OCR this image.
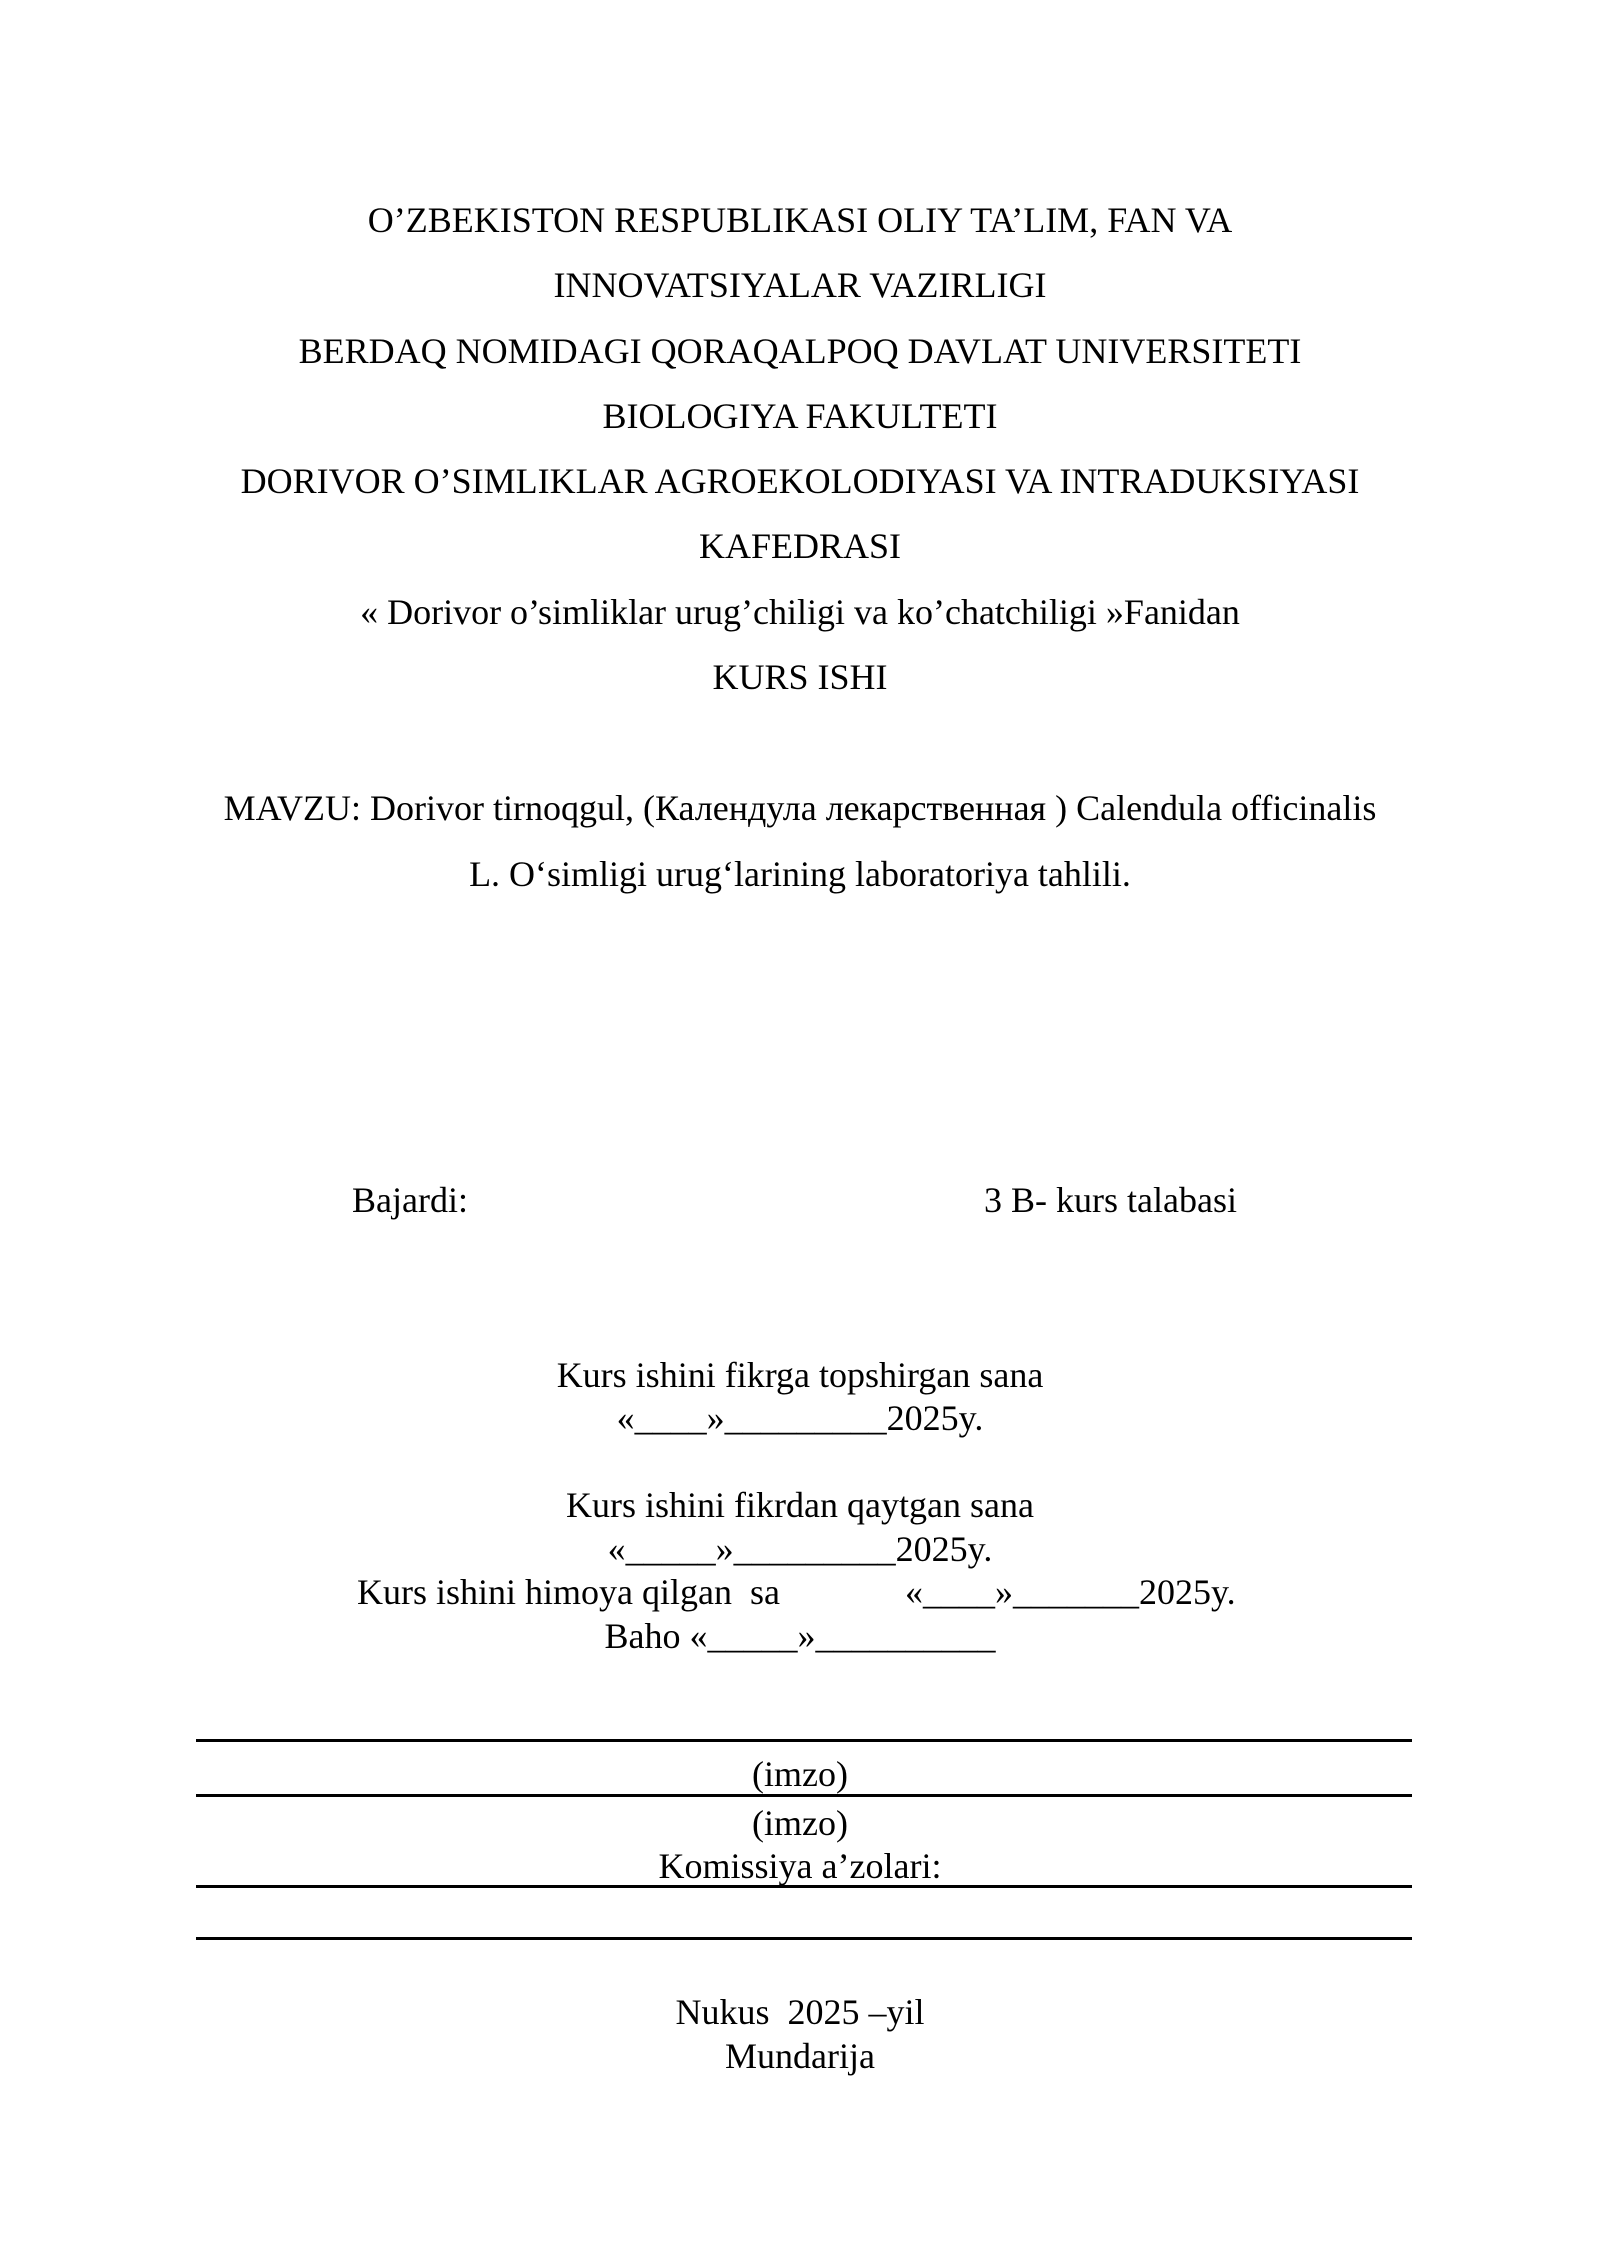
O’ZBEKISTON RESPUBLIKASI OLIY TA’LIM, FAN VA
INNOVATSIYALAR VAZIRLIGI
BERDAQ NOMIDAGI QORAQALPOQ DAVLAT UNIVERSITETI
BIOLOGIYA FAKULTETI
DORIVOR O’SIMLIKLAR AGROEKOLODIYASI VA INTRADUKSIYASI
KAFEDRASI
« Dorivor o’simliklar urug’chiligi va ko’chatchiligi »Fanidan
KURS ISHI
MAVZU: Dorivor tirnoqgul, (Календула лекарственная ) Calendula officinalis
L. O‘simligi urug‘larining laboratoriya tahlili.
Bajardi:	3 B- kurs talabasi
Kurs ishini fikrga topshirgan sana
«____»_________2025y.
Kurs ishini fikrdan qaytgan sana
«_____»_________2025y.
Kurs ishini himoya qilgan  sa	«____»_______2025y.
Baho «_____»__________
(imzo)
(imzo)
Komissiya a’zolari:
Nukus  2025 –yil
Mundarija
